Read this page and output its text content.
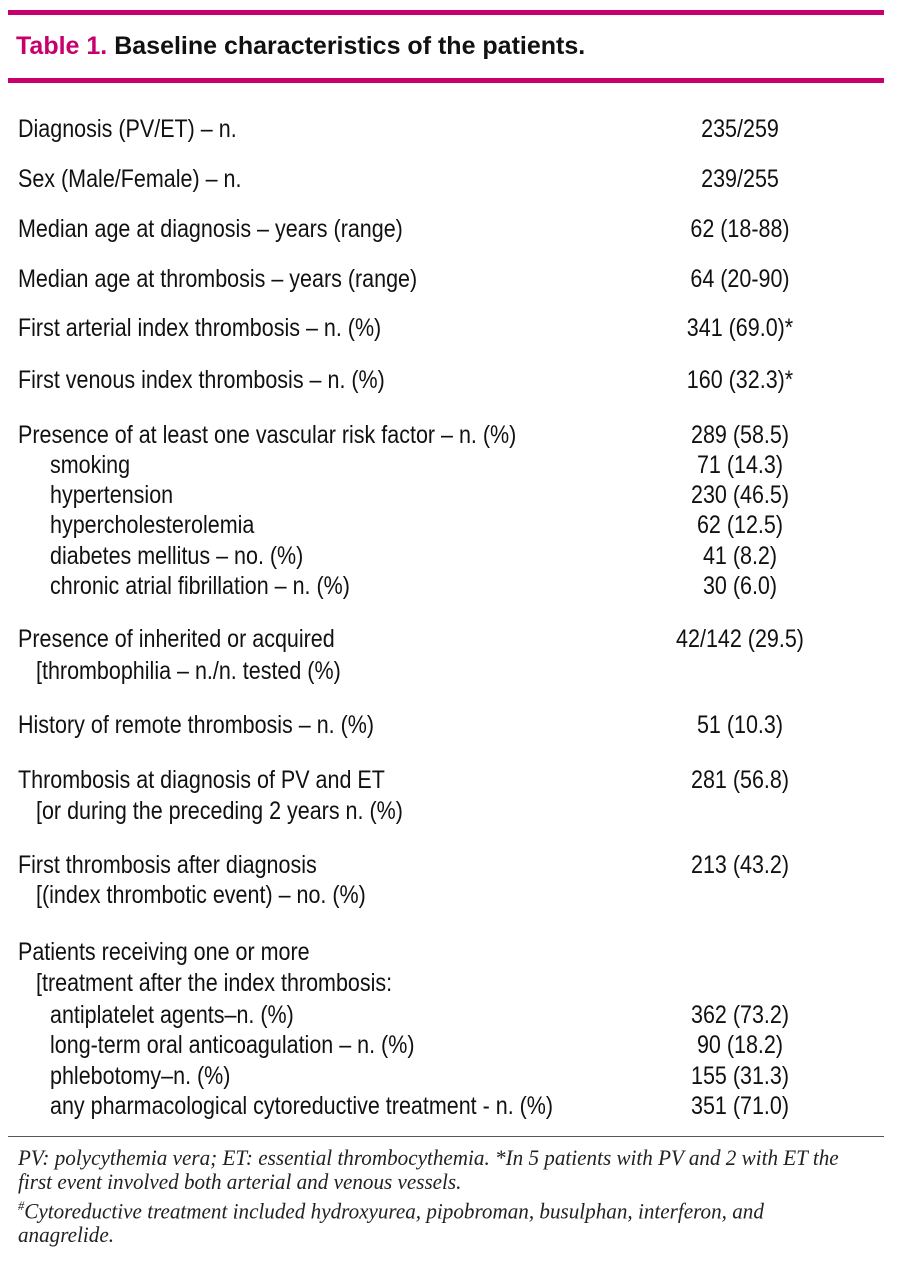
Table 1. Baseline characteristics of the patients.
Diagnosis (PV/ET) – n.	235/259
Sex (Male/Female) – n.	239/255
Median age at diagnosis – years (range)	62 (18-88)
Median age at thrombosis – years (range)	64 (20-90)
First arterial index thrombosis – n. (%)	341 (69.0)*
First venous index thrombosis – n. (%)	160 (32.3)*
Presence of at least one vascular risk factor – n. (%)	289 (58.5)
smoking	71 (14.3)
hypertension	230 (46.5)
hypercholesterolemia	62 (12.5)
diabetes mellitus – no. (%)	41 (8.2)
chronic atrial fibrillation – n. (%)	30 (6.0)
Presence of inherited or acquired	42/142 (29.5)
[thrombophilia – n./n. tested (%)
History of remote thrombosis – n. (%)	51 (10.3)
Thrombosis at diagnosis of PV and ET	281 (56.8)
[or during the preceding 2 years n. (%)
First thrombosis after diagnosis	213 (43.2)
[(index thrombotic event) – no. (%)
Patients receiving one or more
[treatment after the index thrombosis:
antiplatelet agents–n. (%)	362 (73.2)
long-term oral anticoagulation – n. (%)	90 (18.2)
phlebotomy–n. (%)	155 (31.3)
any pharmacological cytoreductive treatment - n. (%)	351 (71.0)

PV: polycythemia vera; ET: essential thrombocythemia. *In 5 patients with PV and 2 with ET the first event involved both arterial and venous vessels.

#Cytoreductive treatment included hydroxyurea, pipobroman, busulphan, interferon, and anagrelide.
